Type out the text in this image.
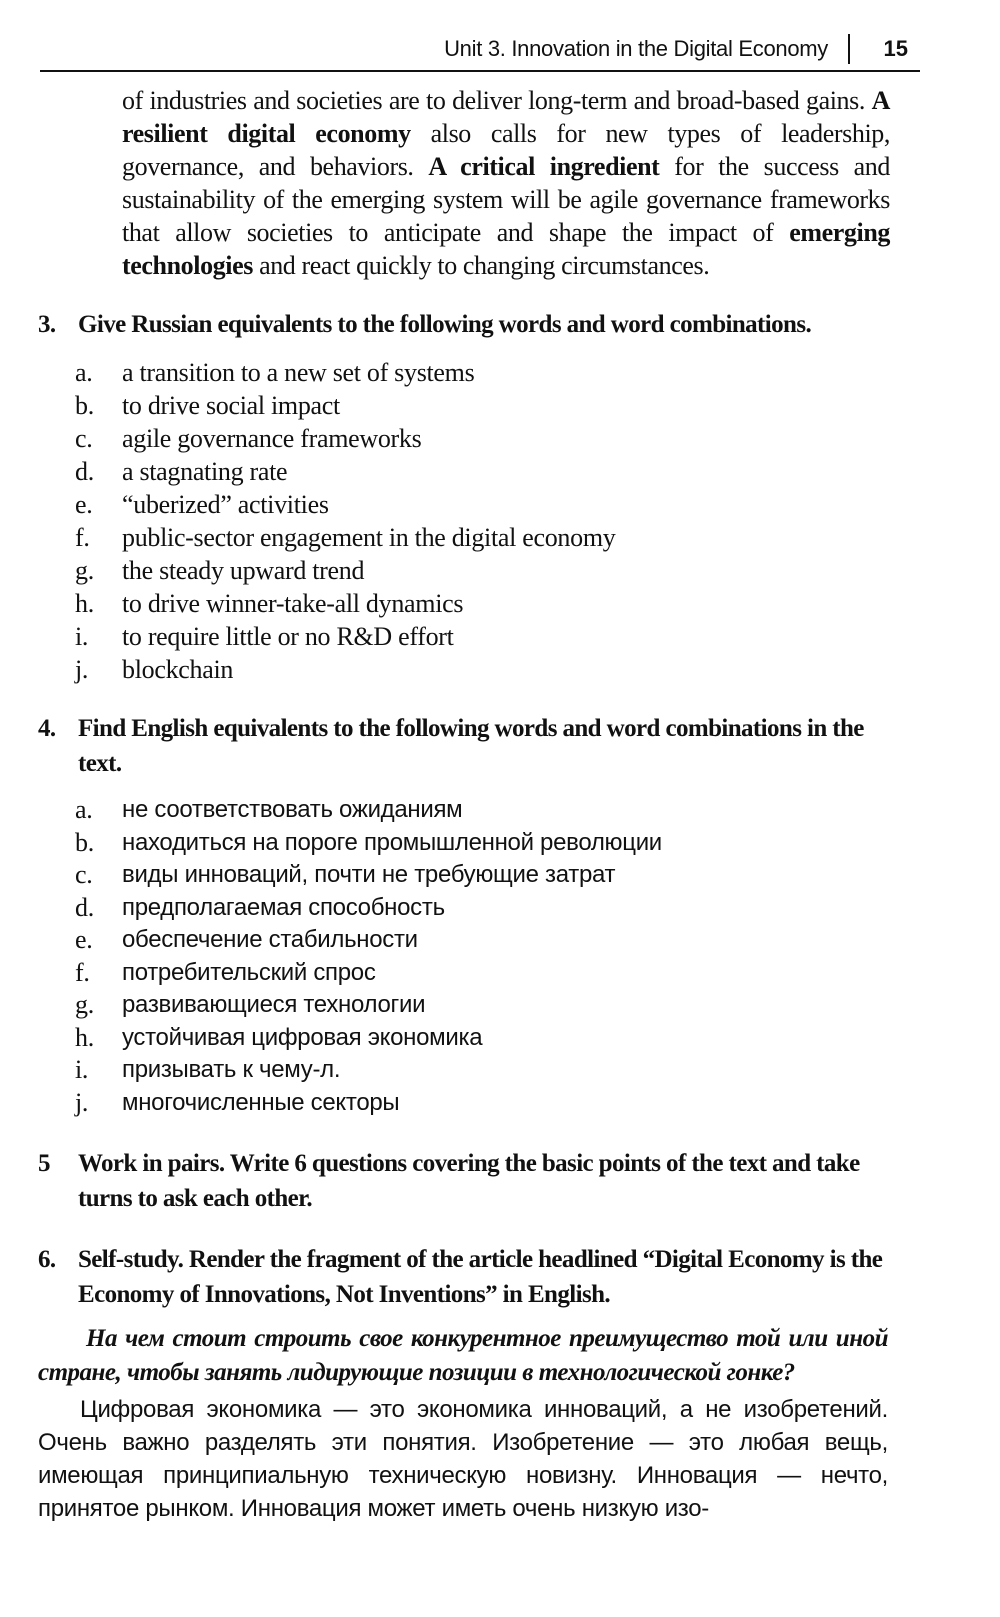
Unit 3. Innovation in the Digital Economy	15
of industries and societies are to deliver long-term and broad-based gains. A resilient digital economy also calls for new types of leadership, governance, and behaviors. A critical ingredient for the success and sustainability of the emerging system will be agile governance frameworks that allow societies to anticipate and shape the impact of emerging technologies and react quickly to changing circumstances.
3. Give Russian equivalents to the following words and word combinations.
a. a transition to a new set of systems
b. to drive social impact
c. agile governance frameworks
d. a stagnating rate
e. “uberized” activities
f. public-sector engagement in the digital economy
g. the steady upward trend
h. to drive winner-take-all dynamics
i. to require little or no R&D effort
j. blockchain
4. Find English equivalents to the following words and word combinations in the text.
a. не соответствовать ожиданиям
b. находиться на пороге промышленной революции
c. виды инноваций, почти не требующие затрат
d. предполагаемая способность
e. обеспечение стабильности
f. потребительский спрос
g. развивающиеся технологии
h. устойчивая цифровая экономика
i. призывать к чему-л.
j. многочисленные секторы
5 Work in pairs. Write 6 questions covering the basic points of the text and take turns to ask each other.
6. Self-study. Render the fragment of the article headlined “Digital Economy is the Economy of Innovations, Not Inventions” in English.
На чем стоит строить свое конкурентное преимущество той или иной стране, чтобы занять лидирующие позиции в технологической гонке?
Цифровая экономика — это экономика инноваций, а не изобретений. Очень важно разделять эти понятия. Изобретение — это любая вещь, имеющая принципиальную техническую новизну. Инновация — нечто, принятое рынком. Инновация может иметь очень низкую изо-
